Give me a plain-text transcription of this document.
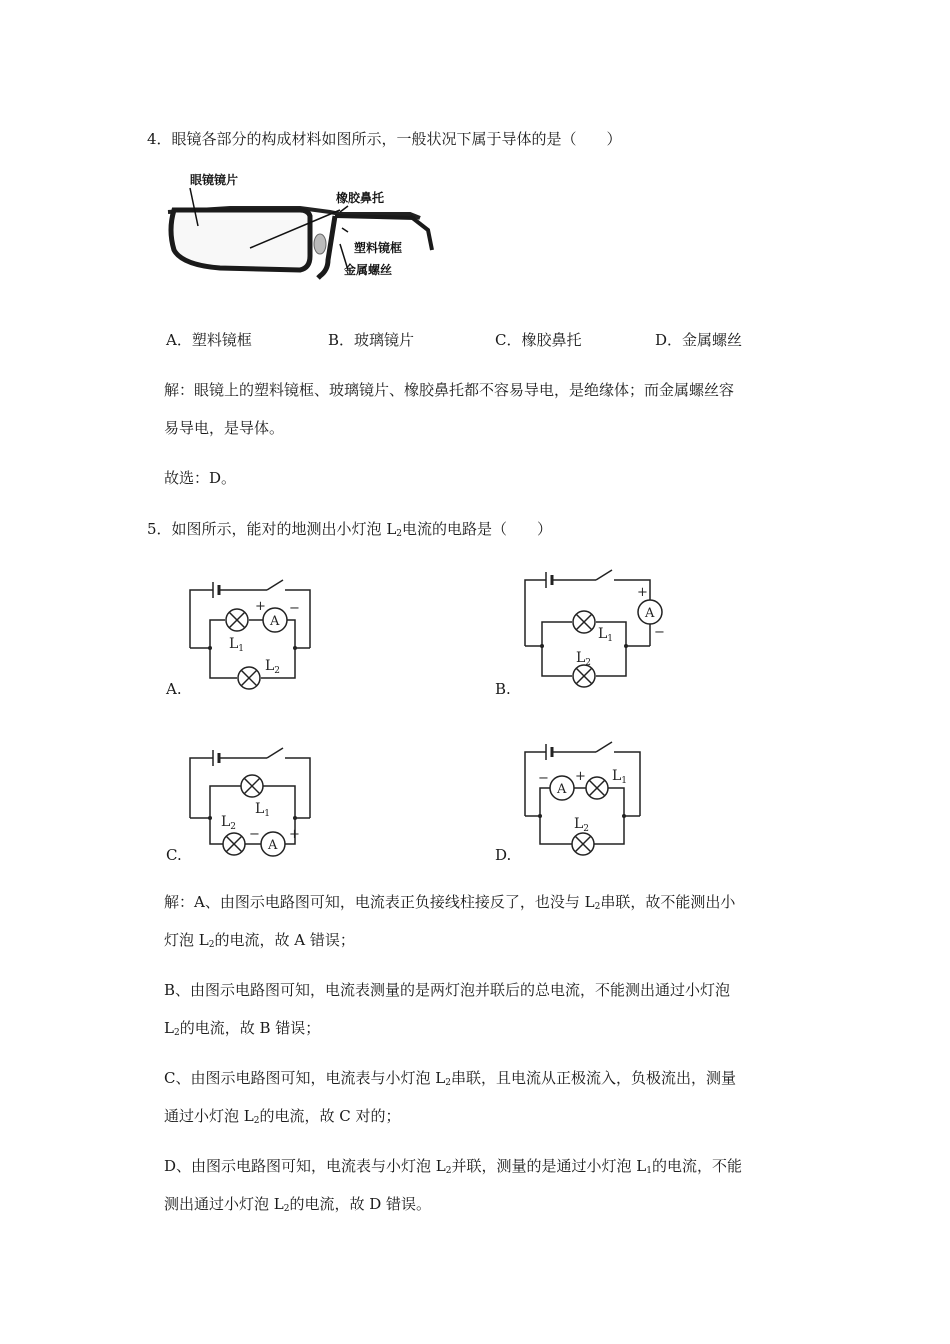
4．眼镜各部分的构成材料如图所示，一般状况下属于导体的是（　　）
眼镜镜片
橡胶鼻托
塑料镜框
金属螺丝
A．塑料镜框	B．玻璃镜片	C．橡胶鼻托	D．金属螺丝
解：眼镜上的塑料镜框、玻璃镜片、橡胶鼻托都不容易导电，是绝缘体；而金属螺丝容
易导电，是导体。
故选：D。
5．如图所示，能对的地测出小灯泡 $L_2$电流的电路是（　　）
A
+ −
$L_1$
$L_2$
A.
A
+
−
$L_1$
$L_2$
B.
A
+
−
$L_1$
$L_2$
C.
A
+
−	$L_1$
$L_2$
D.
解：A、由图示电路图可知，电流表正负接线柱接反了，也没与 $L_2$串联，故不能测出小
灯泡 $L_2$的电流，故 A 错误；
B、由图示电路图可知，电流表测量的是两灯泡并联后的总电流，不能测出通过小灯泡
$L_2$的电流，故 B 错误；
C、由图示电路图可知，电流表与小灯泡 $L_2$串联，且电流从正极流入，负极流出，测量
通过小灯泡 $L_2$的电流，故 C 对的；
D、由图示电路图可知，电流表与小灯泡 $L_2$并联，测量的是通过小灯泡 $L_1$的电流，不能
测出通过小灯泡 $L_2$的电流，故 D 错误。
